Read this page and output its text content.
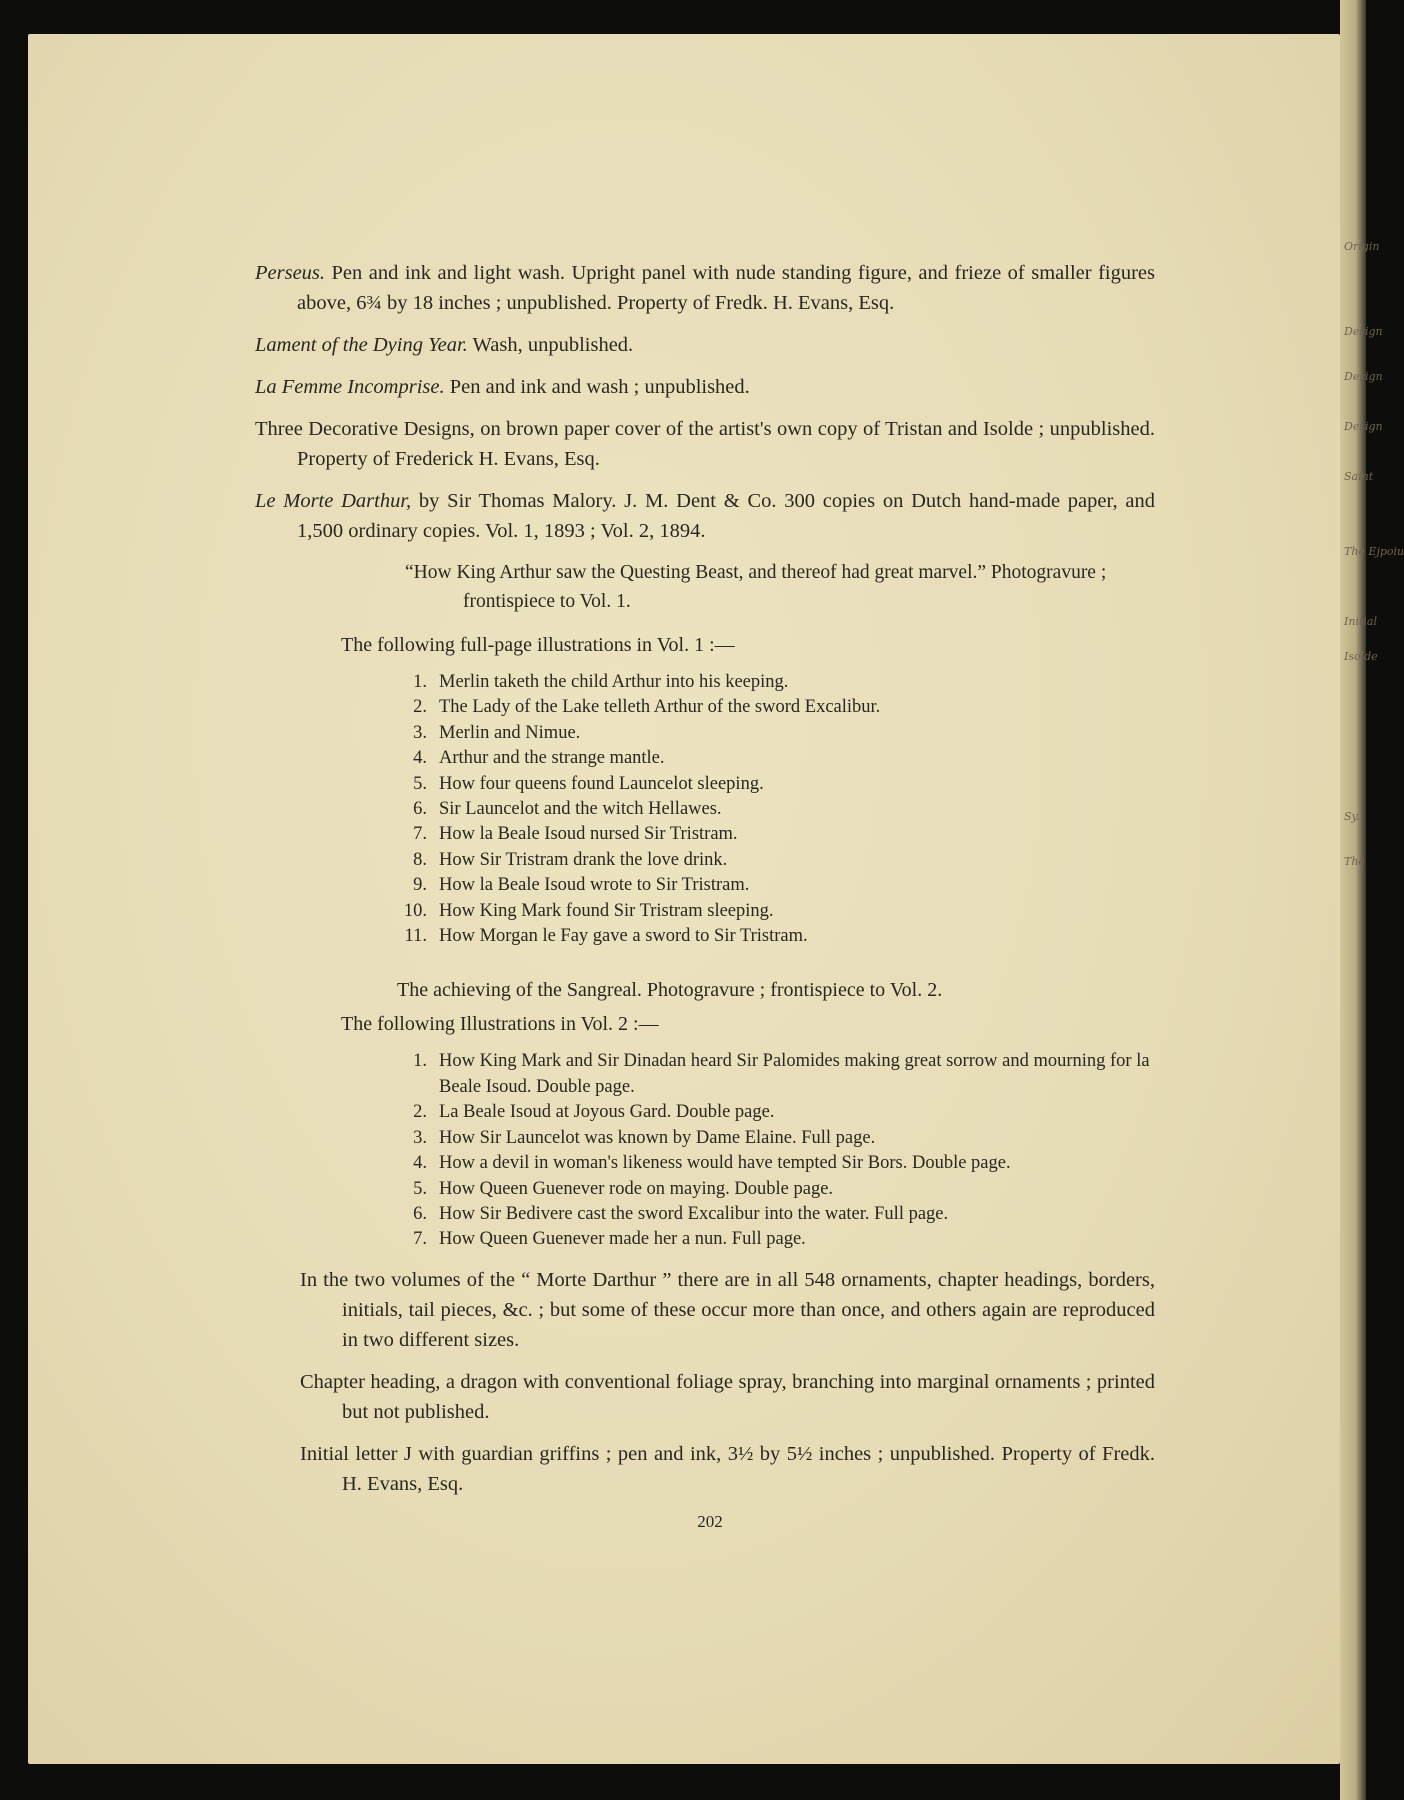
Origin
Design
Design
Design
Saint
The Ejpoiu
Isolde
Initial
Sy.
The

Perseus. Pen and ink and light wash. Upright panel with nude standing figure, and frieze of smaller figures above, 6¾ by 18 inches ; unpublished. Property of Fredk. H. Evans, Esq.

Lament of the Dying Year. Wash, unpublished.

La Femme Incomprise. Pen and ink and wash ; unpublished.

Three Decorative Designs, on brown paper cover of the artist's own copy of Tristan and Isolde ; unpublished. Property of Frederick H. Evans, Esq.

Le Morte Darthur, by Sir Thomas Malory. J. M. Dent & Co. 300 copies on Dutch hand-made paper, and 1,500 ordinary copies. Vol. 1, 1893 ; Vol. 2, 1894.

“How King Arthur saw the Questing Beast, and thereof had great marvel.” Photogravure ; frontispiece to Vol. 1.

The following full-page illustrations in Vol. 1 :—

1. Merlin taketh the child Arthur into his keeping.
2. The Lady of the Lake telleth Arthur of the sword Excalibur.
3. Merlin and Nimue.
4. Arthur and the strange mantle.
5. How four queens found Launcelot sleeping.
6. Sir Launcelot and the witch Hellawes.
7. How la Beale Isoud nursed Sir Tristram.
8. How Sir Tristram drank the love drink.
9. How la Beale Isoud wrote to Sir Tristram.
10. How King Mark found Sir Tristram sleeping.
11. How Morgan le Fay gave a sword to Sir Tristram.

The achieving of the Sangreal. Photogravure ; frontispiece to Vol. 2.

The following Illustrations in Vol. 2 :—

1. How King Mark and Sir Dinadan heard Sir Palomides making great sorrow and mourning for la Beale Isoud. Double page.
2. La Beale Isoud at Joyous Gard. Double page.
3. How Sir Launcelot was known by Dame Elaine. Full page.
4. How a devil in woman's likeness would have tempted Sir Bors. Double page.
5. How Queen Guenever rode on maying. Double page.
6. How Sir Bedivere cast the sword Excalibur into the water. Full page.
7. How Queen Guenever made her a nun. Full page.

In the two volumes of the “ Morte Darthur ” there are in all 548 ornaments, chapter headings, borders, initials, tail pieces, &c. ; but some of these occur more than once, and others again are reproduced in two different sizes.

Chapter heading, a dragon with conventional foliage spray, branching into marginal ornaments ; printed but not published.

Initial letter J with guardian griffins ; pen and ink, 3½ by 5½ inches ; unpublished. Property of Fredk. H. Evans, Esq.

202
